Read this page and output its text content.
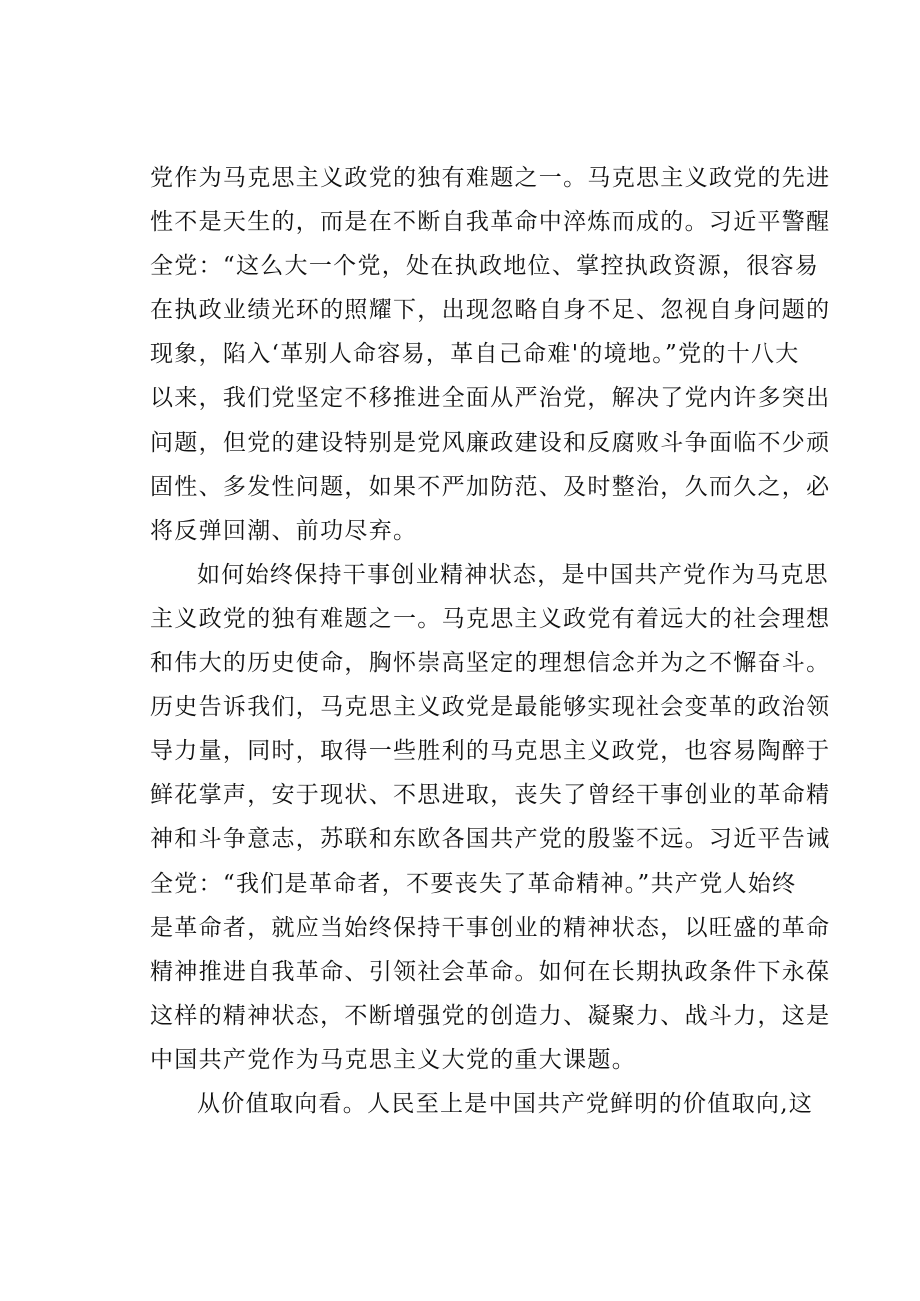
党作为马克思主义政党的独有难题之一。马克思主义政党的先进
性不是天生的，而是在不断自我革命中淬炼而成的。习近平警醒
全党：“这么大一个党，处在执政地位、掌控执政资源，很容易
在执政业绩光环的照耀下，出现忽略自身不足、忽视自身问题的
现象，陷入‘革别人命容易，革自己命难'的境地。”党的十八大
以来，我们党坚定不移推进全面从严治党，解决了党内许多突出
问题，但党的建设特别是党风廉政建设和反腐败斗争面临不少顽
固性、多发性问题，如果不严加防范、及时整治，久而久之，必
将反弹回潮、前功尽弃。
如何始终保持干事创业精神状态，是中国共产党作为马克思
主义政党的独有难题之一。马克思主义政党有着远大的社会理想
和伟大的历史使命，胸怀崇高坚定的理想信念并为之不懈奋斗。
历史告诉我们，马克思主义政党是最能够实现社会变革的政治领
导力量，同时，取得一些胜利的马克思主义政党，也容易陶醉于
鲜花掌声，安于现状、不思进取，丧失了曾经干事创业的革命精
神和斗争意志，苏联和东欧各国共产党的殷鉴不远。习近平告诫
全党：“我们是革命者，不要丧失了革命精神。”共产党人始终
是革命者，就应当始终保持干事创业的精神状态，以旺盛的革命
精神推进自我革命、引领社会革命。如何在长期执政条件下永葆
这样的精神状态，不断增强党的创造力、凝聚力、战斗力，这是
中国共产党作为马克思主义大党的重大课题。
从价值取向看。人民至上是中国共产党鲜明的价值取向,这
